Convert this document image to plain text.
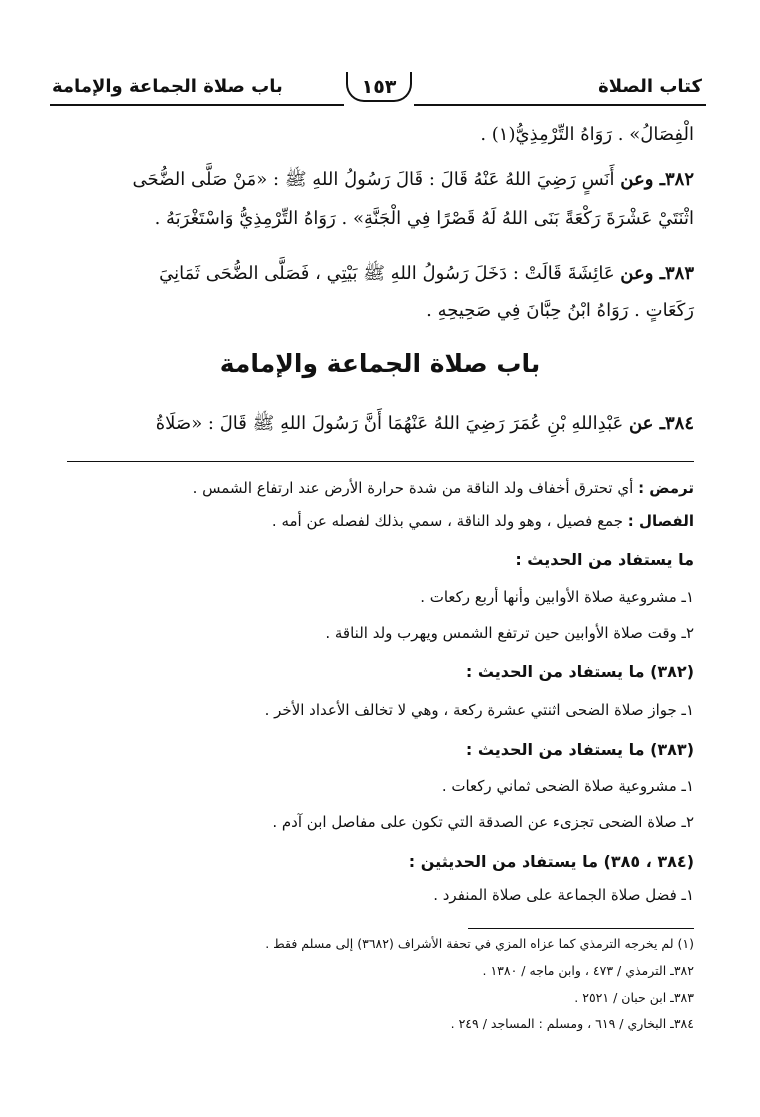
كتاب الصلاة
١٥٣
باب صلاة الجماعة والإمامة
الْفِصَالُ» . رَوَاهُ التِّرْمِذِيُّ(١) .
٣٨٢ـ وعن أَنَسٍ رَضِيَ اللهُ عَنْهُ قَالَ : قَالَ رَسُولُ اللهِ ﷺ : «مَنْ صَلَّى الضُّحَى
اثْنَتَيْ عَشْرَةَ رَكْعَةً بَنَى اللهُ لَهُ قَصْرًا فِي الْجَنَّةِ» . رَوَاهُ التِّرْمِذِيُّ وَاسْتَغْرَبَهُ .
٣٨٣ـ وعن عَائِشَةَ قَالَتْ : دَخَلَ رَسُولُ اللهِ ﷺ بَيْتِي ، فَصَلَّى الضُّحَى ثَمَانِيَ
رَكَعَاتٍ . رَوَاهُ ابْنُ حِبَّانَ فِي صَحِيحِهِ .
باب صلاة الجماعة والإمامة
٣٨٤ـ عن عَبْدِاللهِ بْنِ عُمَرَ رَضِيَ اللهُ عَنْهُمَا أَنَّ رَسُولَ اللهِ ﷺ قَالَ : «صَلَاةُ
ترمض : أي تحترق أخفاف ولد الناقة من شدة حرارة الأرض عند ارتفاع الشمس .
الفصال : جمع فصيل ، وهو ولد الناقة ، سمي بذلك لفصله عن أمه .
ما يستفاد من الحديث :
١ـ مشروعية صلاة الأوابين وأنها أربع ركعات .
٢ـ وقت صلاة الأوابين حين ترتفع الشمس ويهرب ولد الناقة .
(٣٨٢) ما يستفاد من الحديث :
١ـ جواز صلاة الضحى اثنتي عشرة ركعة ، وهي لا تخالف الأعداد الأخر .
(٣٨٣) ما يستفاد من الحديث :
١ـ مشروعية صلاة الضحى ثماني ركعات .
٢ـ صلاة الضحى تجزىء عن الصدقة التي تكون على مفاصل ابن آدم .
(٣٨٤ ، ٣٨٥) ما يستفاد من الحديثين :
١ـ فضل صلاة الجماعة على صلاة المنفرد .
(١) لم يخرجه الترمذي كما عزاه المزي في تحفة الأشراف (٣٦٨٢) إلى مسلم فقط .
٣٨٢ـ الترمذي / ٤٧٣ ، وابن ماجه / ١٣٨٠ .
٣٨٣ـ ابن حبان / ٢٥٢١ .
٣٨٤ـ البخاري / ٦١٩ ، ومسلم : المساجد / ٢٤٩ .
